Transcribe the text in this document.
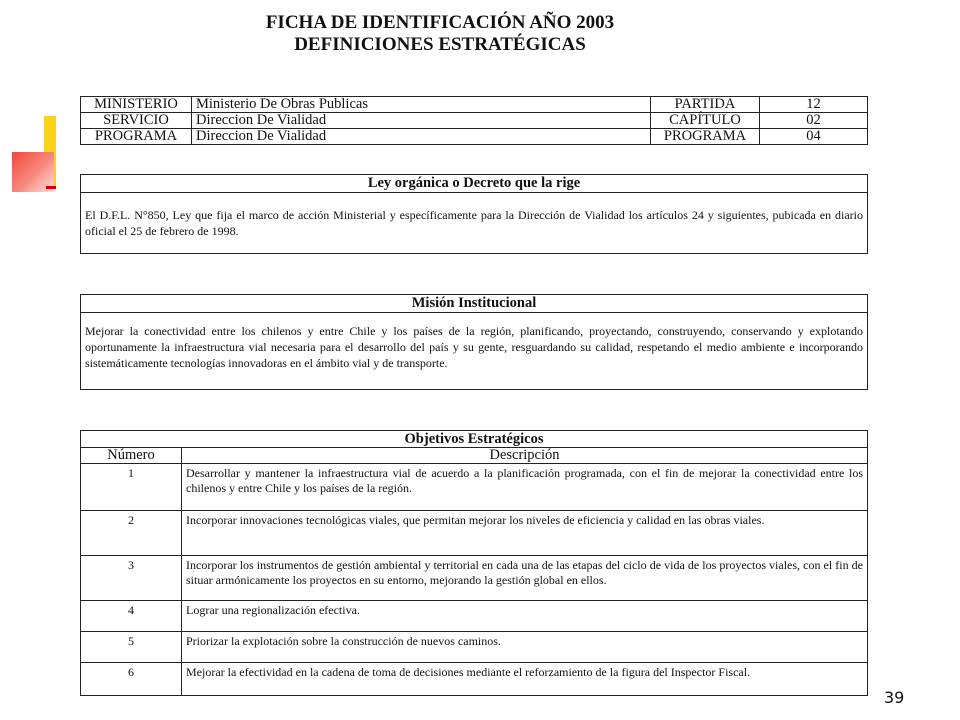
FICHA DE IDENTIFICACIÓN AÑO 2003
DEFINICIONES ESTRATÉGICAS
MINISTERIO	Ministerio De Obras Publicas	PARTIDA	12
SERVICIO	Direccion De Vialidad	CAPÍTULO	02
PROGRAMA	Direccion De Vialidad	PROGRAMA	04
Ley orgánica o Decreto que la rige
El D.F.L. N°850, Ley que fija el marco de acción Ministerial y específicamente para la Dirección de Vialidad los artículos 24 y siguientes, pubicada en diario oficial el 25 de febrero de 1998.
Misión Institucional
Mejorar la conectividad entre los chilenos y entre Chile y los países de la región, planificando, proyectando, construyendo, conservando y explotando oportunamente la infraestructura vial necesaria para el desarrollo del país y su gente, resguardando su calidad, respetando el medio ambiente e incorporando sistemáticamente tecnologías innovadoras en el ámbito vial y de transporte.
Objetivos Estratégicos	
Número	Descripción
1	Desarrollar y mantener la infraestructura vial de acuerdo a la planificación programada, con el fin de mejorar la conectividad entre los chilenos y entre Chile y los países de la región.
2	Incorporar innovaciones tecnológicas viales, que permitan mejorar los niveles de eficiencia y calidad en las obras viales.
3	Incorporar los instrumentos de gestión ambiental y territorial en cada una de las etapas del ciclo de vida de los proyectos viales, con el fin de situar armónicamente los proyectos en su entorno, mejorando la gestión global en ellos.
4	Lograr una regionalización efectiva.
5	Priorizar la explotación sobre la construcción de nuevos caminos.
6	Mejorar la efectividad en la cadena de toma de decisiones mediante el reforzamiento de la figura del Inspector Fiscal.
39
